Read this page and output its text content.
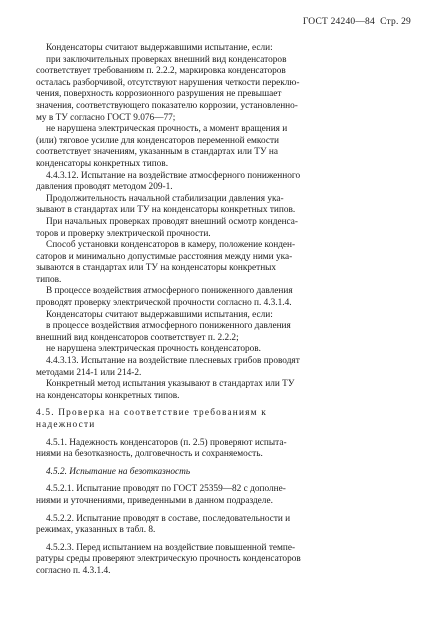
ГОСТ 24240—84 Стр. 29

Конденсаторы считают выдержавшими испытание, если:

при заключительных проверках внешний вид конденсаторов

соответствует требованиям п. 2.2.2, маркировка конденсаторов

осталась разборчивой, отсутствуют нарушения четкости переклю-

чения, поверхность коррозионного разрушения не превышает

значения, соответствующего показателю коррозии, установленно-

му в ТУ согласно ГОСТ 9.076—77;

не нарушена электрическая прочность, а момент вращения и

(или) тяговое усилие для конденсаторов переменной емкости

соответствует значениям, указанным в стандартах или ТУ на

конденсаторы конкретных типов.

4.4.3.12. Испытание на воздействие атмосферного пониженного

давления проводят методом 209-1.

Продолжительность начальной стабилизации давления ука-

зывают в стандартах или ТУ на конденсаторы конкретных типов.

При начальных проверках проводят внешний осмотр конденса-

торов и проверку электрической прочности.

Способ установки конденсаторов в камеру, положение конден-

саторов и минимально допустимые расстояния между ними ука-

зываются в стандартах или ТУ на конденсаторы конкретных

типов.

В процессе воздействия атмосферного пониженного давления

проводят проверку электрической прочности согласно п. 4.3.1.4.

Конденсаторы считают выдержавшими испытания, если:

в процессе воздействия атмосферного пониженного давления

внешний вид конденсаторов соответствует п. 2.2.2;

не нарушена электрическая прочность конденсаторов.

4.4.3.13. Испытание на воздействие плесневых грибов проводят

методами 214-1 или 214-2.

Конкретный метод испытания указывают в стандартах или ТУ

на конденсаторы конкретных типов.

4.5. Проверка на соответствие требованиям к

надежности

4.5.1. Надежность конденсаторов (п. 2.5) проверяют испыта-

ниями на безотказность, долговечность и сохраняемость.

4.5.2. Испытание на безотказность

4.5.2.1. Испытание проводят по ГОСТ 25359—82 с дополне-

ниями и уточнениями, приведенными в данном подразделе.

4.5.2.2. Испытание проводят в составе, последовательности и

режимах, указанных в табл. 8.

4.5.2.3. Перед испытанием на воздействие повышенной темпе-

ратуры среды проверяют электрическую прочность конденсаторов

согласно п. 4.3.1.4.
